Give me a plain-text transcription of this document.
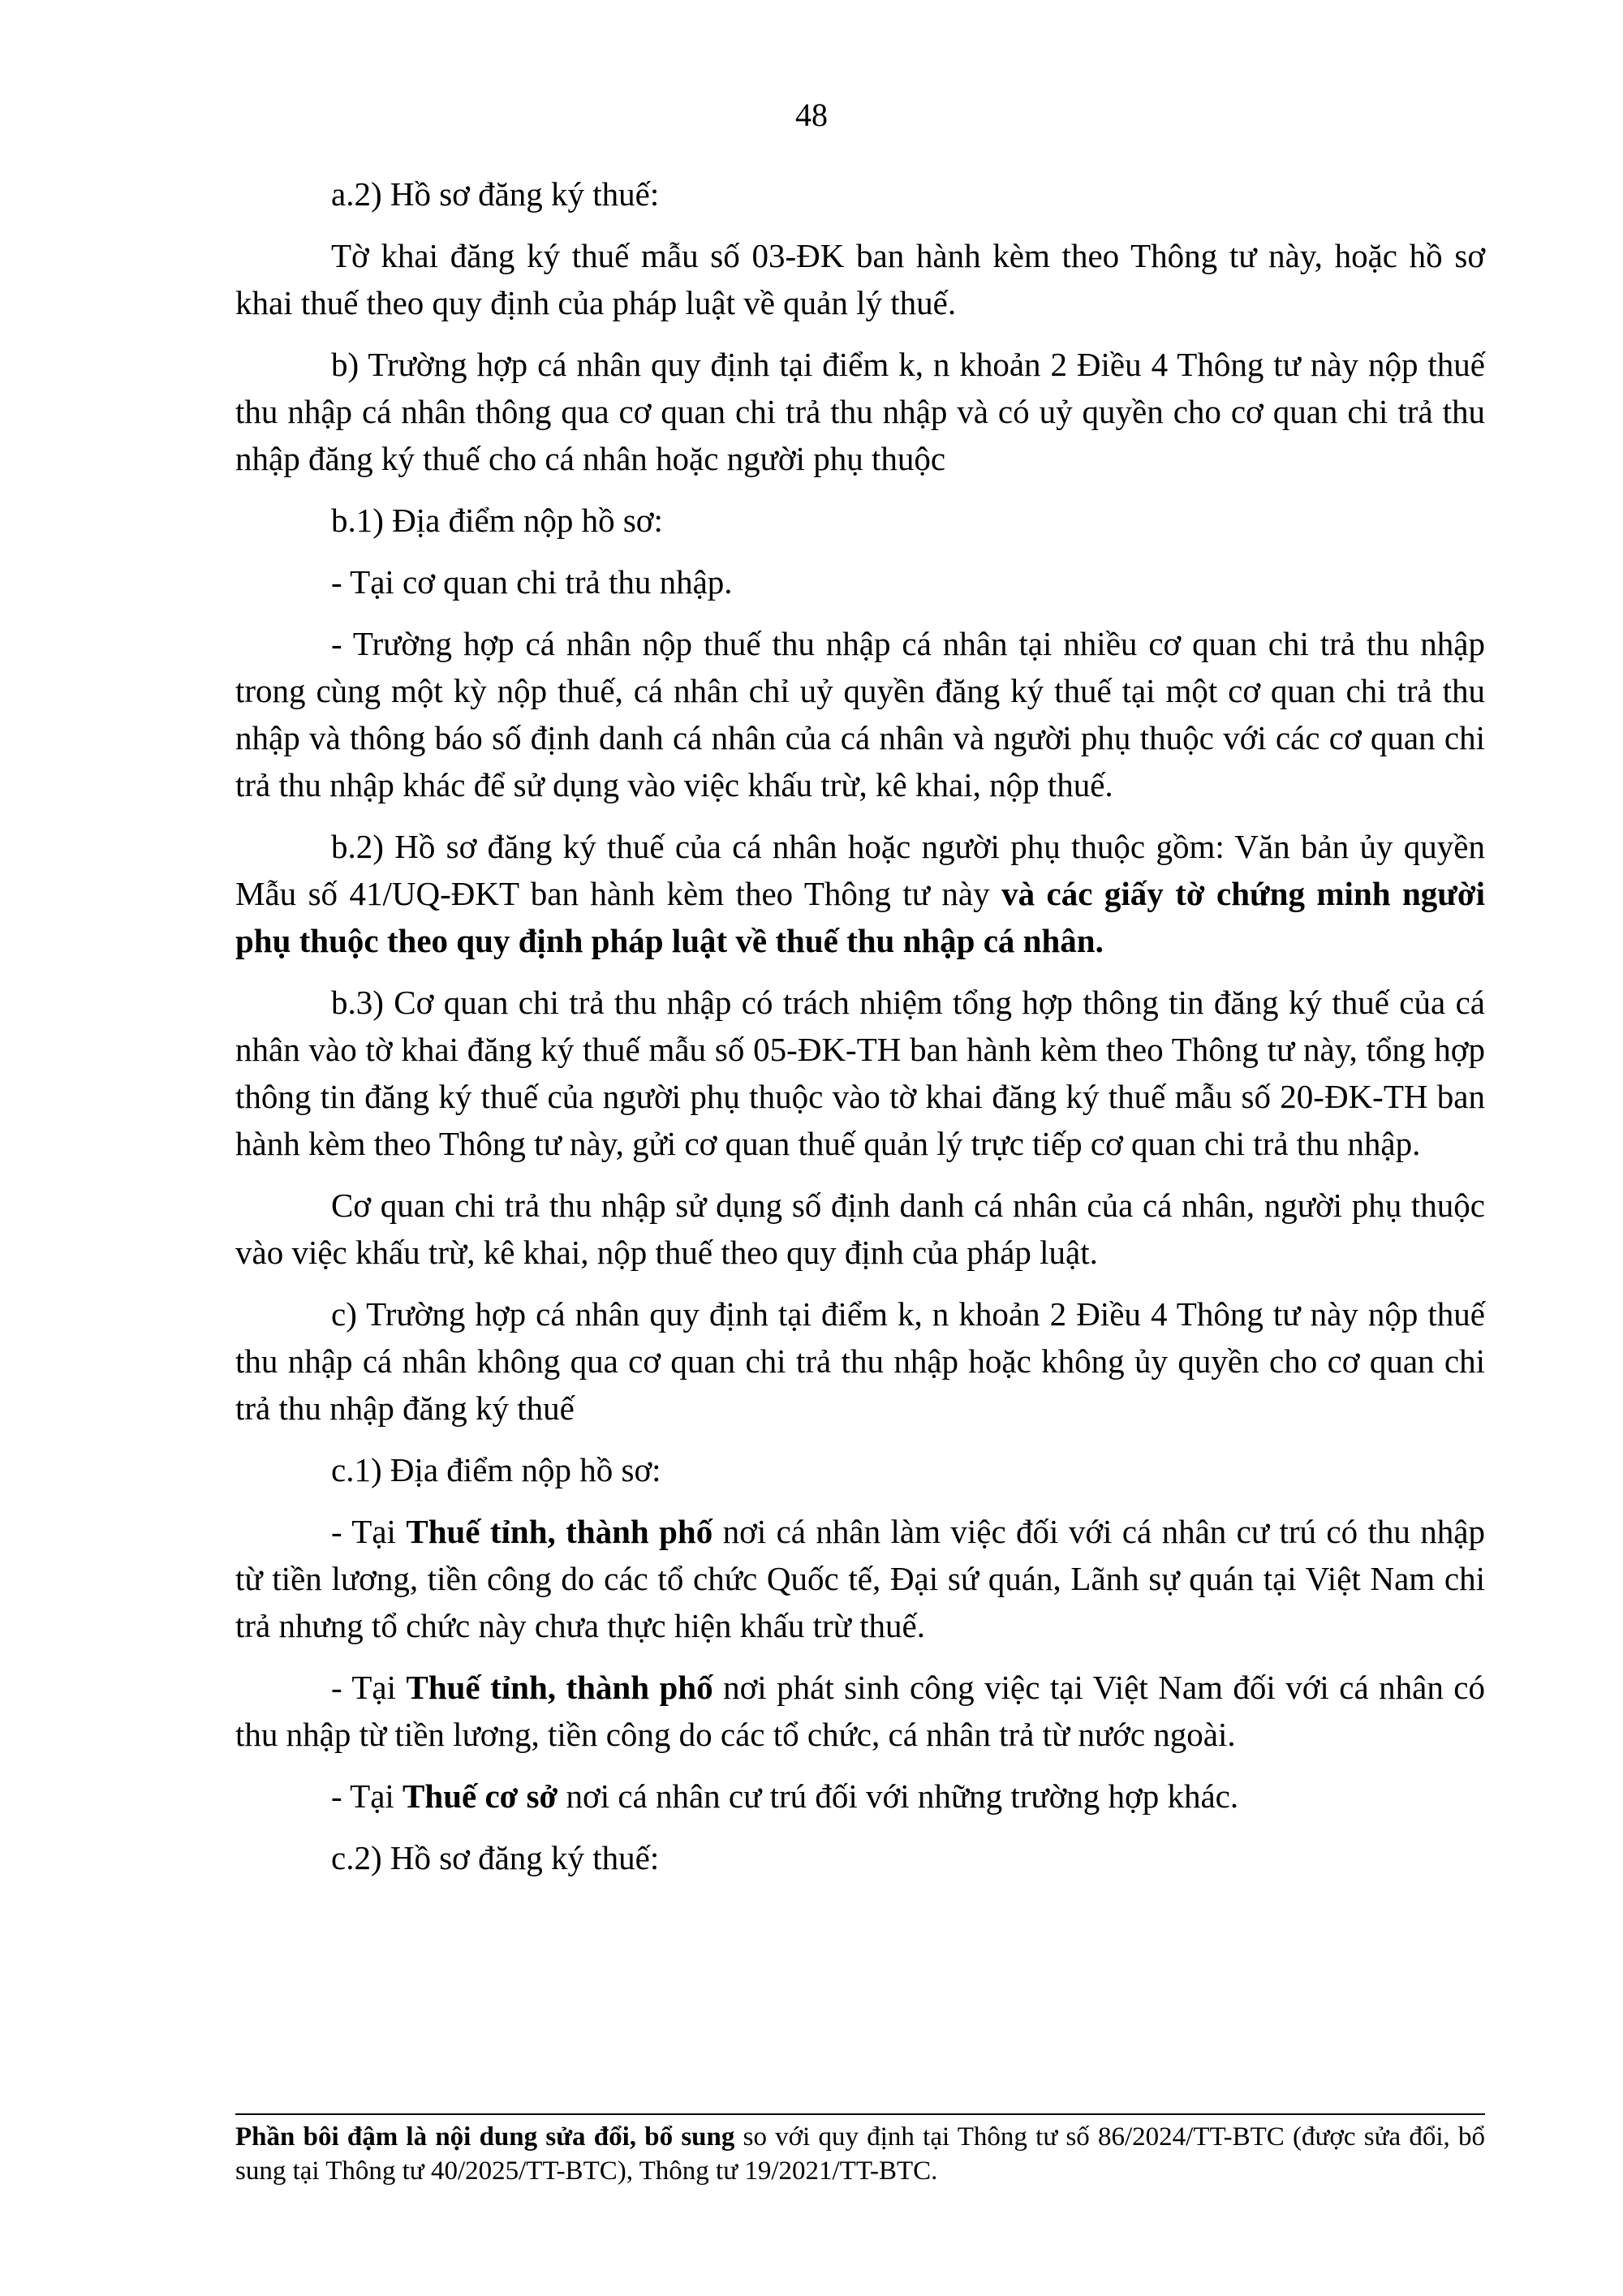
48

a.2) Hồ sơ đăng ký thuế:

Tờ khai đăng ký thuế mẫu số 03-ĐK ban hành kèm theo Thông tư này, hoặc hồ sơ khai thuế theo quy định của pháp luật về quản lý thuế.

b) Trường hợp cá nhân quy định tại điểm k, n khoản 2 Điều 4 Thông tư này nộp thuế thu nhập cá nhân thông qua cơ quan chi trả thu nhập và có uỷ quyền cho cơ quan chi trả thu nhập đăng ký thuế cho cá nhân hoặc người phụ thuộc

b.1) Địa điểm nộp hồ sơ:

- Tại cơ quan chi trả thu nhập.

- Trường hợp cá nhân nộp thuế thu nhập cá nhân tại nhiều cơ quan chi trả thu nhập trong cùng một kỳ nộp thuế, cá nhân chỉ uỷ quyền đăng ký thuế tại một cơ quan chi trả thu nhập và thông báo số định danh cá nhân của cá nhân và người phụ thuộc với các cơ quan chi trả thu nhập khác để sử dụng vào việc khấu trừ, kê khai, nộp thuế.

b.2) Hồ sơ đăng ký thuế của cá nhân hoặc người phụ thuộc gồm: Văn bản ủy quyền Mẫu số 41/UQ-ĐKT ban hành kèm theo Thông tư này và các giấy tờ chứng minh người phụ thuộc theo quy định pháp luật về thuế thu nhập cá nhân.

b.3) Cơ quan chi trả thu nhập có trách nhiệm tổng hợp thông tin đăng ký thuế của cá nhân vào tờ khai đăng ký thuế mẫu số 05-ĐK-TH ban hành kèm theo Thông tư này, tổng hợp thông tin đăng ký thuế của người phụ thuộc vào tờ khai đăng ký thuế mẫu số 20-ĐK-TH ban hành kèm theo Thông tư này, gửi cơ quan thuế quản lý trực tiếp cơ quan chi trả thu nhập.

Cơ quan chi trả thu nhập sử dụng số định danh cá nhân của cá nhân, người phụ thuộc vào việc khấu trừ, kê khai, nộp thuế theo quy định của pháp luật.

c) Trường hợp cá nhân quy định tại điểm k, n khoản 2 Điều 4 Thông tư này nộp thuế thu nhập cá nhân không qua cơ quan chi trả thu nhập hoặc không ủy quyền cho cơ quan chi trả thu nhập đăng ký thuế

c.1) Địa điểm nộp hồ sơ:

- Tại Thuế tỉnh, thành phố nơi cá nhân làm việc đối với cá nhân cư trú có thu nhập từ tiền lương, tiền công do các tổ chức Quốc tế, Đại sứ quán, Lãnh sự quán tại Việt Nam chi trả nhưng tổ chức này chưa thực hiện khấu trừ thuế.

- Tại Thuế tỉnh, thành phố nơi phát sinh công việc tại Việt Nam đối với cá nhân có thu nhập từ tiền lương, tiền công do các tổ chức, cá nhân trả từ nước ngoài.

- Tại Thuế cơ sở nơi cá nhân cư trú đối với những trường hợp khác.

c.2) Hồ sơ đăng ký thuế:

Phần bôi đậm là nội dung sửa đổi, bổ sung so với quy định tại Thông tư số 86/2024/TT-BTC (được sửa đổi, bổ sung tại Thông tư 40/2025/TT-BTC), Thông tư 19/2021/TT-BTC.
